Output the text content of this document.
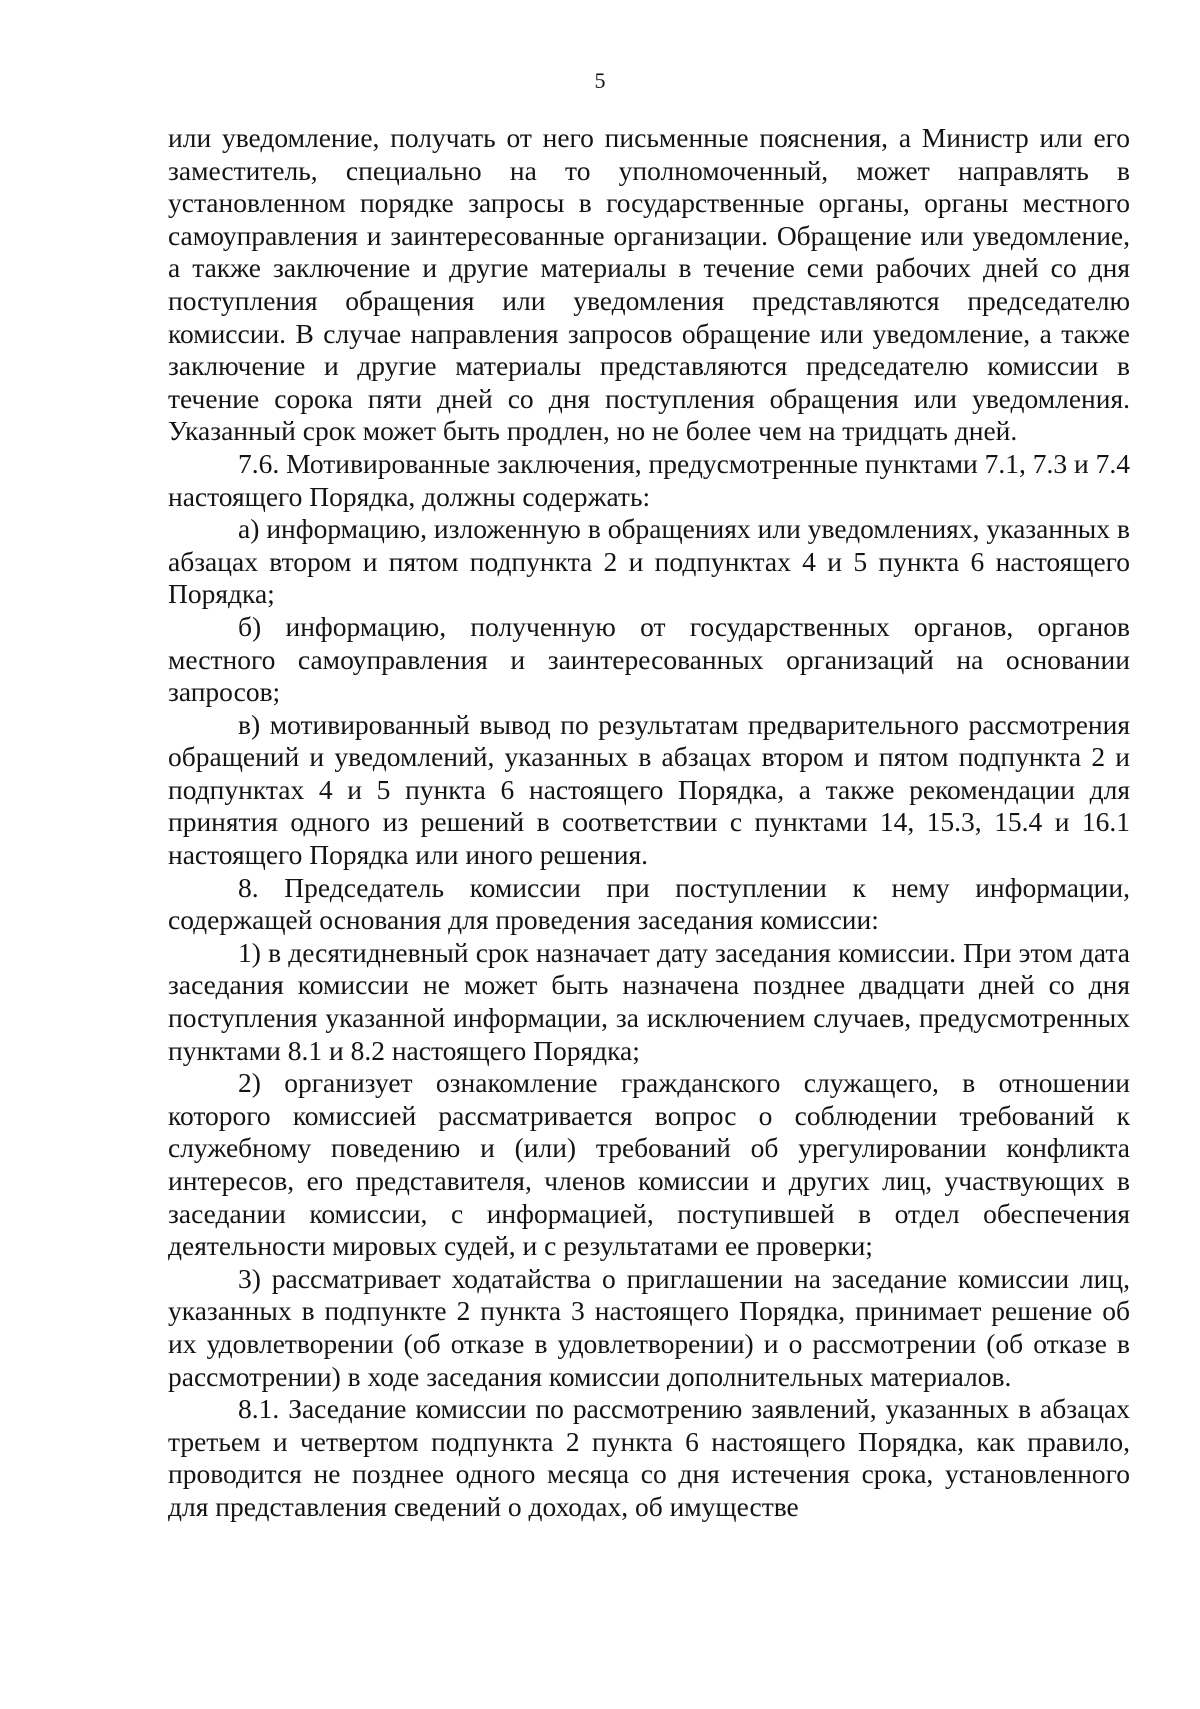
5

или уведомление, получать от него письменные пояснения, а Министр или его заместитель, специально на то уполномоченный, может направлять в установленном порядке запросы в государственные органы, органы местного самоуправления и заинтересованные организации. Обращение или уведомление, а также заключение и другие материалы в течение семи рабочих дней со дня поступления обращения или уведомления представляются председателю комиссии. В случае направления запросов обращение или уведомление, а также заключение и другие материалы представляются председателю комиссии в течение сорока пяти дней со дня поступления обращения или уведомления. Указанный срок может быть продлен, но не более чем на тридцать дней.

7.6. Мотивированные заключения, предусмотренные пунктами 7.1, 7.3 и 7.4 настоящего Порядка, должны содержать:

а) информацию, изложенную в обращениях или уведомлениях, указанных в абзацах втором и пятом подпункта 2 и подпунктах 4 и 5 пункта 6 настоящего Порядка;

б) информацию, полученную от государственных органов, органов местного самоуправления и заинтересованных организаций на основании запросов;

в) мотивированный вывод по результатам предварительного рассмотрения обращений и уведомлений, указанных в абзацах втором и пятом подпункта 2 и подпунктах 4 и 5 пункта 6 настоящего Порядка, а также рекомендации для принятия одного из решений в соответствии с пунктами 14, 15.3, 15.4 и 16.1 настоящего Порядка или иного решения.

8. Председатель комиссии при поступлении к нему информации, содержащей основания для проведения заседания комиссии:

1) в десятидневный срок назначает дату заседания комиссии. При этом дата заседания комиссии не может быть назначена позднее двадцати дней со дня поступления указанной информации, за исключением случаев, предусмотренных пунктами 8.1 и 8.2 настоящего Порядка;

2) организует ознакомление гражданского служащего, в отношении которого комиссией рассматривается вопрос о соблюдении требований к служебному поведению и (или) требований об урегулировании конфликта интересов, его представителя, членов комиссии и других лиц, участвующих в заседании комиссии, с информацией, поступившей в отдел обеспечения деятельности мировых судей, и с результатами ее проверки;

3) рассматривает ходатайства о приглашении на заседание комиссии лиц, указанных в подпункте 2 пункта 3 настоящего Порядка, принимает решение об их удовлетворении (об отказе в удовлетворении) и о рассмотрении (об отказе в рассмотрении) в ходе заседания комиссии дополнительных материалов.

8.1. Заседание комиссии по рассмотрению заявлений, указанных в абзацах третьем и четвертом подпункта 2 пункта 6 настоящего Порядка, как правило, проводится не позднее одного месяца со дня истечения срока, установленного для представления сведений о доходах, об имуществе
